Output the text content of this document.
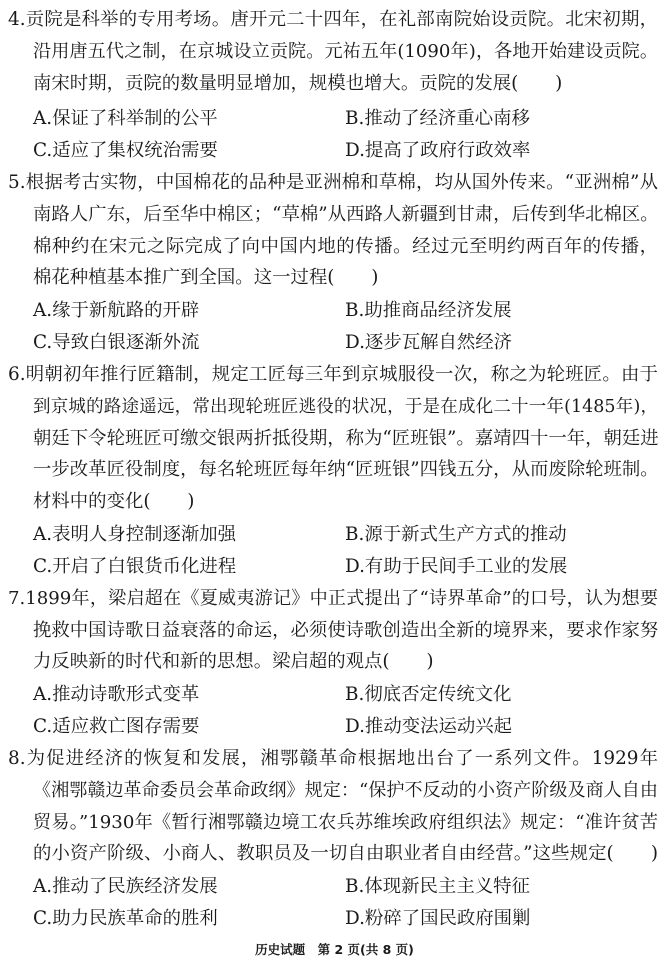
4.贡院是科举的专用考场。唐开元二十四年，在礼部南院始设贡院。北宋初期，
沿用唐五代之制，在京城设立贡院。元祐五年(1090年)，各地开始建设贡院。
南宋时期，贡院的数量明显增加，规模也增大。贡院的发展(　　)
A.保证了科举制的公平	B.推动了经济重心南移
C.适应了集权统治需要	D.提高了政府行政效率
5.根据考古实物，中国棉花的品种是亚洲棉和草棉，均从国外传来。“亚洲棉”从
南路人广东，后至华中棉区；“草棉”从西路人新疆到甘肃，后传到华北棉区。
棉种约在宋元之际完成了向中国内地的传播。经过元至明约两百年的传播，
棉花种植基本推广到全国。这一过程(　　)
A.缘于新航路的开辟	B.助推商品经济发展
C.导致白银逐渐外流	D.逐步瓦解自然经济
6.明朝初年推行匠籍制，规定工匠每三年到京城服役一次，称之为轮班匠。由于
到京城的路途遥远，常出现轮班匠逃役的状况，于是在成化二十一年(1485年)，
朝廷下令轮班匠可缴交银两折抵役期，称为“匠班银”。嘉靖四十一年，朝廷进
一步改革匠役制度，每名轮班匠每年纳“匠班银”四钱五分，从而废除轮班制。
材料中的变化(　　)
A.表明人身控制逐渐加强	B.源于新式生产方式的推动
C.开启了白银货币化进程	D.有助于民间手工业的发展
7.1899年，梁启超在《夏威夷游记》中正式提出了“诗界革命”的口号，认为想要
挽救中国诗歌日益衰落的命运，必须使诗歌创造出全新的境界来，要求作家努
力反映新的时代和新的思想。梁启超的观点(　　)
A.推动诗歌形式变革	B.彻底否定传统文化
C.适应救亡图存需要	D.推动变法运动兴起
8.为促进经济的恢复和发展，湘鄂赣革命根据地出台了一系列文件。1929年
《湘鄂赣边革命委员会革命政纲》规定：“保护不反动的小资产阶级及商人自由
贸易。”1930年《暂行湘鄂赣边境工农兵苏维埃政府组织法》规定：“准许贫苦
的小资产阶级、小商人、教职员及一切自由职业者自由经营。”这些规定(　　)
A.推动了民族经济发展	B.体现新民主主义特征
C.助力民族革命的胜利	D.粉碎了国民政府围剿
历史试题　第 2 页(共 8 页)
